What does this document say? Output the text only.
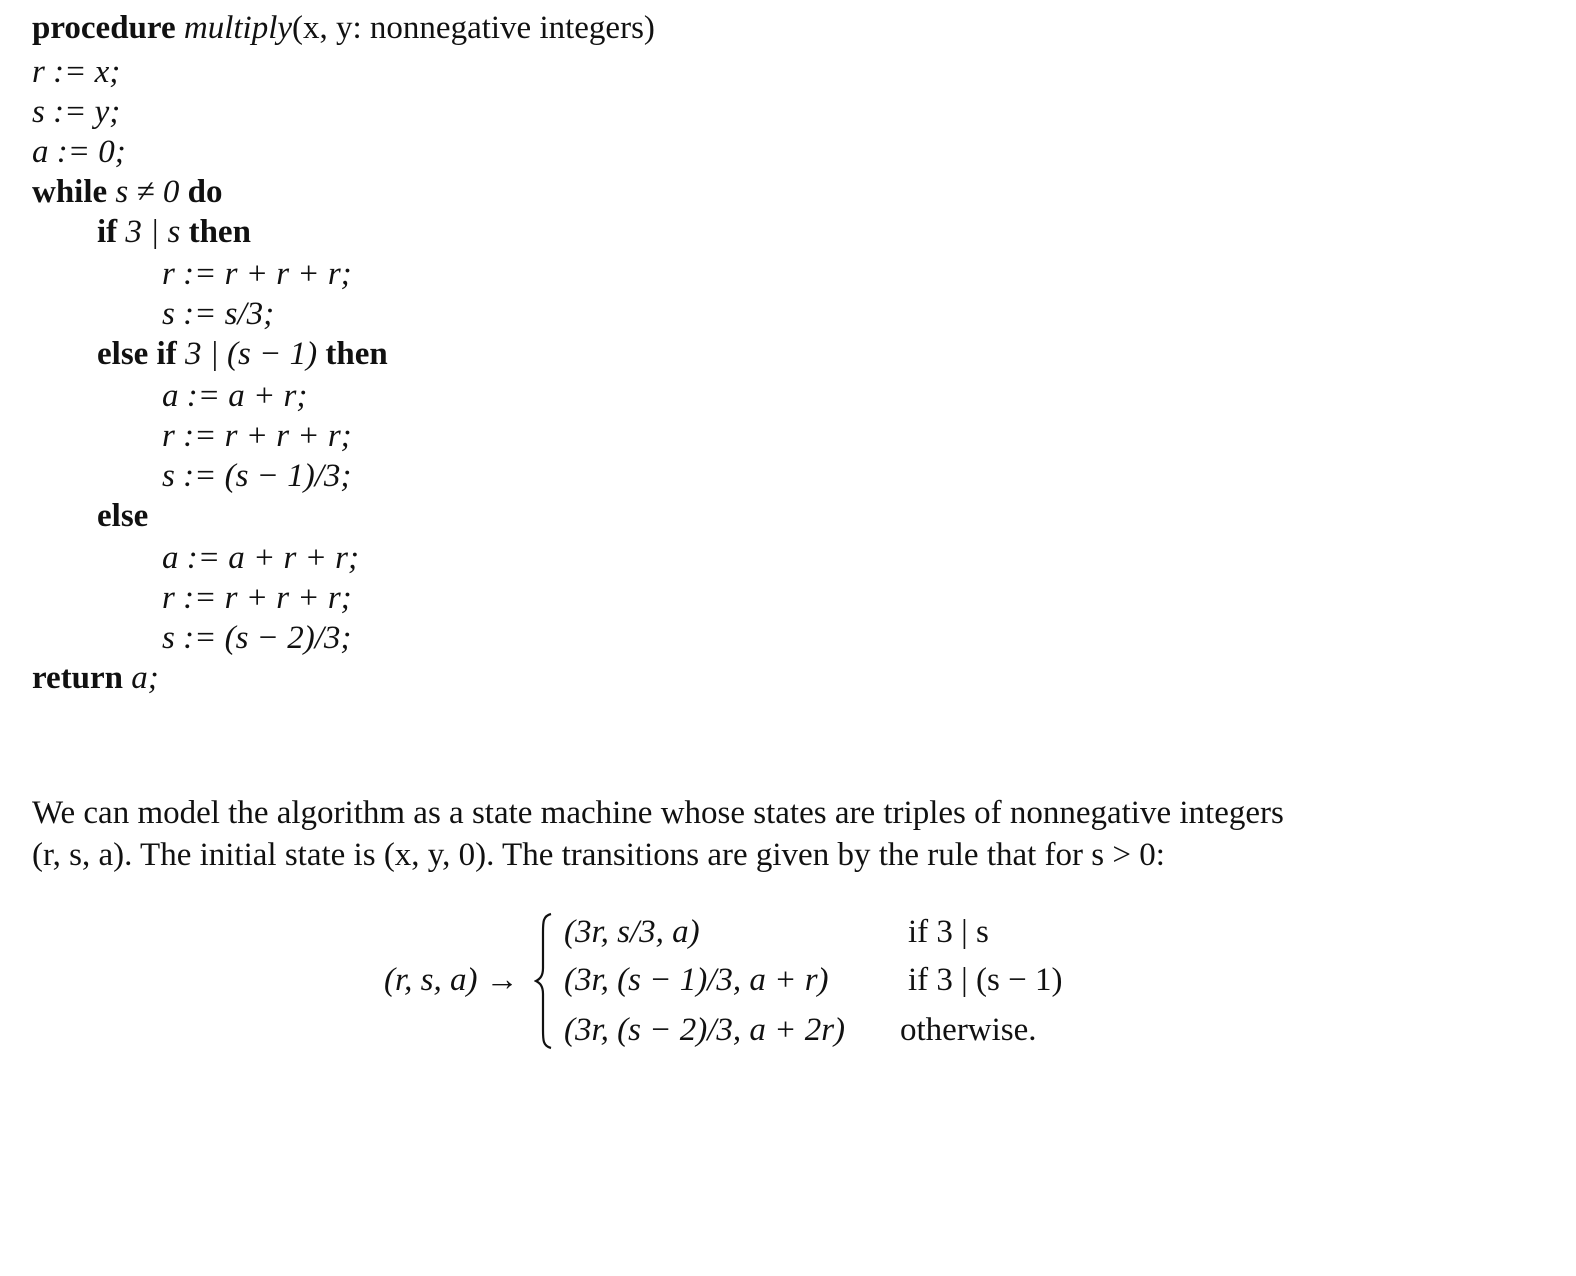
procedure multiply(x, y: nonnegative integers)
r := x;
s := y;
a := 0;
while s ≠ 0 do
if 3 | s then
r := r + r + r;
s := s/3;
else if 3 | (s − 1) then
a := a + r;
r := r + r + r;
s := (s − 1)/3;
else
a := a + r + r;
r := r + r + r;
s := (s − 2)/3;
return a;

We can model the algorithm as a state machine whose states are triples of nonnegative integers

(r, s, a). The initial state is (x, y, 0). The transitions are given by the rule that for s > 0:

(r, s, a) →
(3r, s/3, a)	if 3 | s
(3r, (s − 1)/3, a + r) if 3 | (s − 1)
(3r, (s − 2)/3, a + 2r) otherwise.
